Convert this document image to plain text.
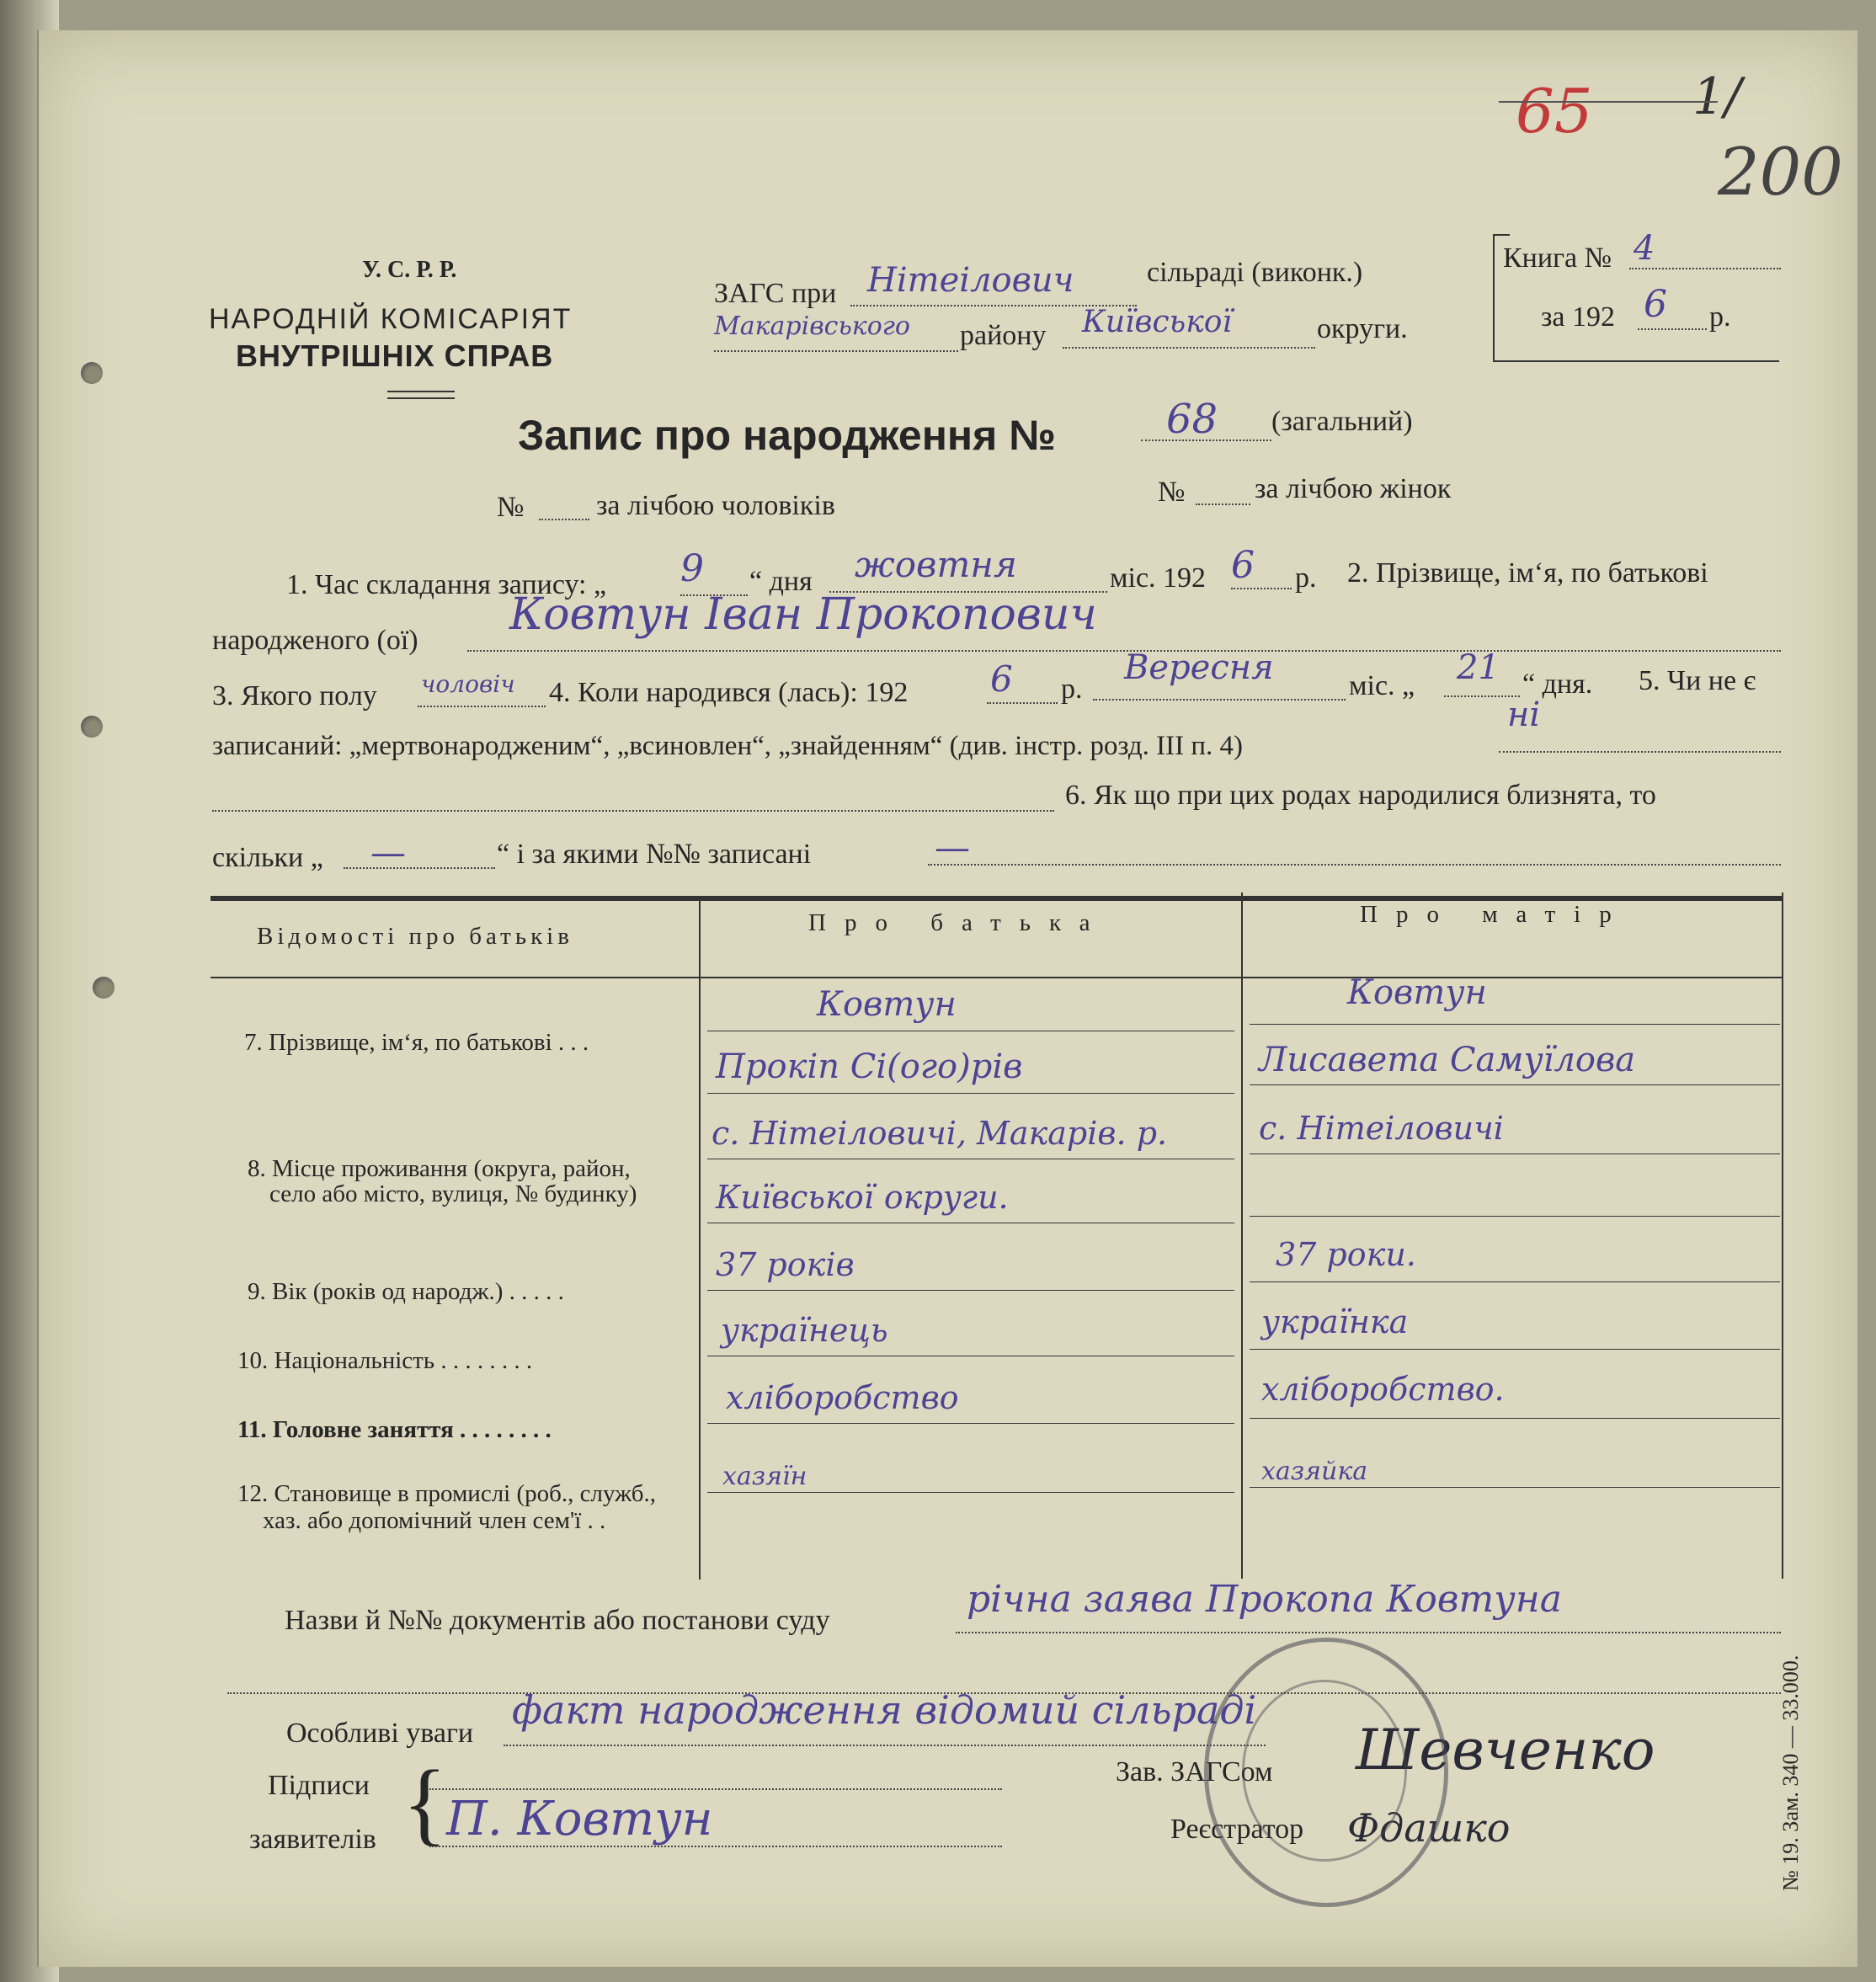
65 1/
200
У. С. Р. Р.
НАРОДНІЙ КОМІСАРІЯТ
ВНУТРІШНІХ СПРАВ
ЗАГС при Нітеілович	сільраді (виконк.)
Макарівського району Київської	округи.
Книга № 4
за 192 6 р.
Запис про народження №	68 (загальний)
№	за лічбою чоловіків	№ за лічбою жінок
1. Час складання запису: „ 9 “ дня жовтня	міс. 192 6 р. 2. Прізвище, ім‘я, по батькові
народженого (ої)
Ковтун Іван Прокопович
3. Якого полу чоловіч 4. Коли народився (лась): 192 6 р.
Вересня	міс. „ 21 “ дня. 5. Чи не є
записаний: „мертвонародженим“, „всиновлен“, „знайденням“ (див. інстр. розд. III п. 4)
ні
6. Як що при цих родах народилися близнята, то
скільки „ —	“ і за якими №№ записані	—
Відомості про батьків	Про батька	Про матір
7. Прізвище, ім‘я, по батькові . . .
Ковтун	Ковтун
Прокіп Сі(ого)рів	Лисавета Самуїлова
8. Місце проживання (округа, район,
село або місто, вулиця, № будинку)
с. Нітеіловичі, Макарів. р.	с. Нітеіловичі
Київської округи.
9. Вік (років од народж.) . . . . .
37 років	37 роки.
10. Національність . . . . . . . .
українець	українка
11. Головне заняття . . . . . . . .
хліборобство	хліборобство.
12. Становище в промислі (роб., служб.,
хаз. або допомічний член сем'ї . .
хазяїн	хазяйка
Назви й №№ документів або постанови суду	річна заява Прокопа Ковтуна
Особливі уваги
факт народження відомий сільраді
Підписи
заявителів { П. Ковтун
Зав. ЗАГСом Шевченко
Реєстратор Фдашко	№ 19. Зам. 340 — 33.000.
